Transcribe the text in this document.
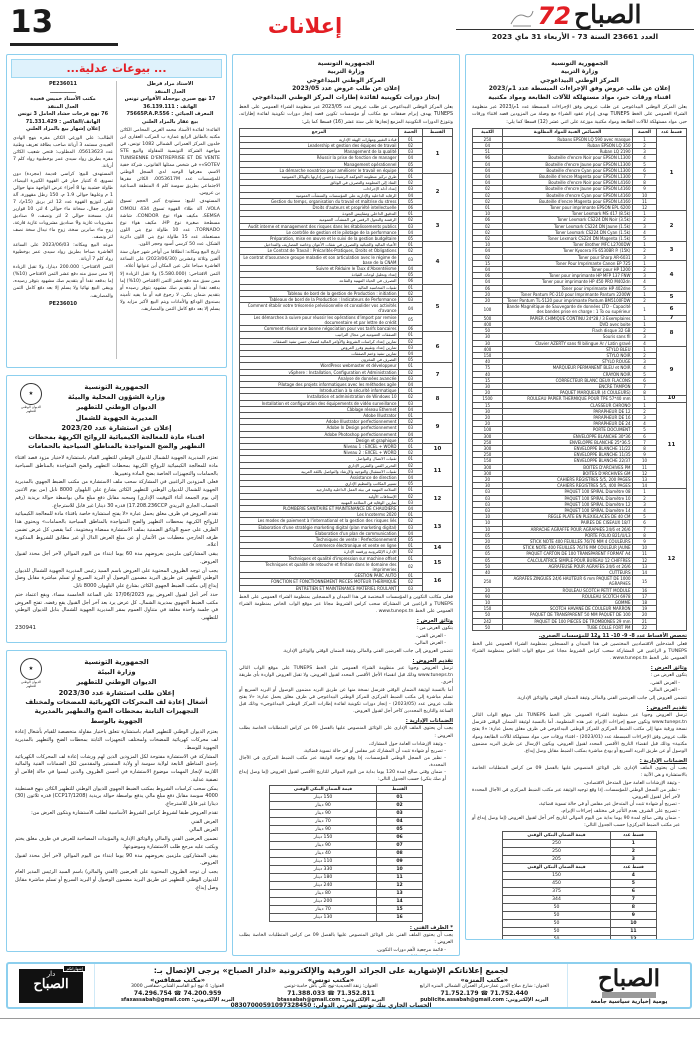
13	إعلانات	الصباح
72
العدد 23661 السنة 73 - الأربعاء 31 ماي 2023
... بيوعات عدلية...
الأستاذ مراد قرطل
العدل المنفذ
17 نهج صبري بوحجلة الأقواس تونس
الهاتف : 36.139.111
المعرف الجبائي : 75665P.A.P.556
بيع عقار بالمزاد العلني
الفائدة: لفائدة الأستاذ محمد الغربي المحامي الكائن مكتبه بالطابق الرابع عمارة ب المركب العقاري ابن خلدون المركز العمراني الشمالي 1082 تونس، في مواجهة الشركة التونسية للمقاولة والبيع STE TUNISIENNE D'ENTREPRISE ET DE VENTE «SOTEV» في شخص ممثلها القانوني، شركة خفية الاسم، معرفها الوحيد لدى السجل الوطني للمؤسسات عدد 0053617M، الكائن مقرها الاجتماعي بطريق سوسة كلم 4 المنطقة الصناعية بن عروس.
المستهدف للبيع: مستودع كبير الحجم تسوق VOLA، آلة طلاء القهوة تسوق CIMOLI 434 SEMSA، مكيف هواء نوع CONDOR، شاشة مسطحة صغيرة نوع HP، مكيف هواء نوع TORNADO، عدد 10 طاولة نوع بني اللون مستعملة، عدد 15 طاولة نوع بني اللون دائرية الشكل، عدد 50 كرسي أسود وحجر اللون.
تاريخ البيع ومكانه: انطلاقا من أواخر شهر جوان سنة ألفين وثلاثة وعشرين (2023/06/30) على الساعة العاشرة صباحا على عين المكان أين عنوانها أعلاه.
الثمن الافتتاحي: (5.580.000) ولا تقبل الزيادة إلا ممن سبق منه دفع عشر الثمن الافتتاحي (10%) إما بدفعه نقدا أو بتقديم صك مشهود بتوفر رصيده أو بتقديم ضمان بنكي، لا رجوع فيه أو ما يفيد تأمينه بصندوق الودائع والأمانات ويتم البيع لأكبر مزايد ولا يسلم إلا بعد دفع كامل الثمن والمصاريف.
PE236011
ـــــــــــــــ
مكتب الأستاذ خميس قعيدة
العدل المنفذ
76 نهج فرحات حشاد الحامل 3 تونس
الهاتف/الفاكس : 71.331.429
إعلان إشهار بيع بالمزاد العلني
الطالب: علي الورغي الكائن مقره بنهج الهادي العبيدي مستمد 3 أريانة صاحب بطاقة تعريف وطنية عدد 05613623. المطلوب: فتحي شعيب الكائن مقره بطريق رواد سيدي عمر بوخطيوة رواد كلم 7 أريانة.
المستهدف للبيع: كراسي قديمة (مجردة) دون تسويغ، 4 كنتيار حبار في القهوة الكبيرة البيضاء، طاولة خشبية بها 8 أجزاء عرض الواجهة منها حوالي 1 م وعلوها حوالي 1.9 م، 150 رطل مقهورة، آلة تلفي لتوزيع القهوة عدد 12 لتر بريق (15م)، 7 قوارير جفال، سخانة ماء حوالي 4 لتر، 10 قوارير غاز، مسخنة حوالي 2 لتر ونصف، 9 صناديق مشروبات غازية و9 صناديق مشروبات غازية فارغة، زوج ماء صابرين سخة، زوج ماء نيدال سخة نصف لتر ونصف.
موعد البيع ومكانه: 2023/06/03 على الساعة العاشرة صباحا بطريق رواد سيدي عمر بوخطيوة رواد كلم 7 أريانة.
الثمن الافتتاحي: 200.000 دينارا، ولا تقبل الزيادة إلا ممن سبق منه دفع عشر الثمن الافتتاحي (10%) إما بدفعه نقدا أو بتقديم صك مشهود بتوفر رصيده، ويبقى البيع نهائيا ولا يسلم إلا بعد دفع كامل الثمن والمصاريف.
PE236010
٭
الديوان الوطني للتطهير
الجمهورية التونسية
وزارة الشؤون المحلية والبيئة
الديوان الوطني للتطهير
المديرية الجهوية للشمال
إعلان عن استشارة عدد 2023/20
اقتناء مادة للمعالجة الكيميائية للروائح الكريهة بمحطات
التطهير والضخ المتواجدة بالمناطق السياحية بالحمامات
تعتزم المديرية الجهوية للشمال للديوان الوطني للتطهير القيام باستشارة لاختيار مزود قصد اقتناء مادة للمعالجة الكيميائية للروائح الكريهة بمحطات التطهير والضخ المتواجدة بالمناطق السياحية بالحمامات والتجهيزات الخاصة بضخ المادة وتغييرها.
فعلى المزودين الراغبين في المشاركة سحب ملف الاستشارة من مكتب الضبط الجهوي بالمديرية الجهوية للشمال للديوان الوطني للتطهير الكائن بشارع علي البلهوان 8000 نابل (من يوم الاثنين إلى يوم الجمعة أثناء التوقيت الإداري) وسحبه مقابل دفع مبلغ مالي بواسطة حوالة بريدية (رقم الحساب الجاري البريدي 17.208.236CCP) قدره 30 دينارا غير قابل للاسترجاع.
تقدم العروض في ظرف مغلق يحمل عبارة «لا يفتح استشارة خاصة باقتناء مادة للمعالجة الكيميائية للروائح الكريهة بمحطات التطهير والضخ المتواجدة بالمناطق السياحية بالحمامات» ويحتوي هذا الظرف على جميع الوثائق الضمنية بملف الاستشارة ممضاة ومختومة. كما يقصى كل عرض تضمن ظرفه الخارجي معطيات من الأثمان أو عن مبلغ العرض الدال أو غير مطابق للشروط المذكورة أعلاه.
يبقى المشاركون ملزمين بعروضهم مدة 60 يوما ابتداء من اليوم الموالي لآخر أجل محدد لقبول العروض.
يجب أن توجه الظروف المحتوية على العروض باسم السيد رئيس المديرية الجهوية للشمال للديوان الوطني للتطهير عن طريق البريد مضمون الوصول أو البريد السريع أو تسلم مباشرة مقابل وصل إيداع إلى مكتب الضبط الجهوي الكائن بشارع علي البلهوان 8000 نابل.
حدد آخر أجل لقبول العروض يوم 17/06/2023 على الساعة الخامسة مساء. ويقع اعتماد ختم مكتب الضبط الجهوي بمديرية الشمال. كل عرض يرد بعد آخر أجل القبول يقع رفضه. تفتح العروض في جلسة واحدة مغلقة في متناول العموم بمقر المديرية الجهوية للشمال بنابل للديوان الوطني للتطهير.
230941
٭
الديوان الوطني للتطهير
الجمهورية التونسية
وزارة البيئة
الديوان الوطني للتطهير
إعلان طلب استشارة عدد 2023/30
أشغال إعادة لف المحركات الكهربائية للمضخات ولمختلف
التجهيزات الثابتة بمحطات الضخ والتطهير بالمديرية
الجهوية بالوسط
يعتزم الديوان الوطني للتطهير القيام باستشارة تتعلق باختيار مقاولة متخصصة للقيام بأشغال إعادة لف محركات كهربائية للمضخات ولمختلف التجهيزات الثابتة بمحطات الضخ والتطهير بالمديرية الجهوية للوسط.
المشاركة في الاستشارة مفتوحة لكل المزودين الذين لهم ورشات إعادة لف المحركات الكهربائية بإحدى المناطق التابعة لولاية سوسة أو ولاية المنستير والمقدمين لكل الضمانات الفنية والمالية اللازمة لإنجاز المهمات موضوع الاستشارة في أحسن الظروف والذين ليسوا في حالة إفلاس أو تصفية عدلية.
يمكن سحب كراسات الشروط بمكتب الضبط الجهوي للديوان الوطني للتطهير الكائن بنهج قسنطينة 4000 سوسة مقابل دفع مبلغ مالي يدفع بواسطة حوالة بريدية (CCP17/1208) قدره ثلاثون (30) دينارا غير قابل للاسترجاع.
تقدم العروض طبقا لشروط كراس الشروط الأساسية لطلب الاستشارة ويتكون العرض من:
العرض الفني
العرض المالي
تضمين العرضين الفني والمالي والوثائق الإدارية والمؤيدات المصاحبة للعرض في ظرف مغلق يختم ويكتب عليه مرجع طلب الاستشارة وموضوعها.
يبقى المشاركون ملزمين بعروضهم مدة 90 يوما ابتداء من اليوم الموالي لآخر أجل محدد لقبول العروض.
يجب أن توجه الظروف المحتوية على العرضين (الفني والمالي) باسم السيد الرئيس المدير العام للديوان الوطني للتطهير عن طريق البريد مضمون الوصول أو البريد السريع أو تسلم مباشرة مقابل وصل إيداع.
الجمهورية التونسية
وزارة التربية
المركز الوطني البيداغوجي
إعلان عن طلب عروض عدد 2023/05
إنجاز دورات تكوينية لفائدة إطارات المركز الوطني البيداغوجي
يعلن المركز الوطني البيداغوجي عن طلب عروض عدد 2023/05 عبر منظومة الشراء العمومي على الخط TUNEPS يهدف إبرام صفقات مع مكاتب أو مؤسسات تكوين قصد إنجاز دورات تكوينية لفائدة إطاراته، وتتوزع الدورات التكوينية المزمع إنجازها على ستة عشر (16) قسطا كما يلي:
القسط	الحصة	المرجع
1	01	قيادة التغيير ومهارات الهيئة الإدارية
	02	Leadership et gestion des équipes de travail
	03	Management de la qualité
	04	Réussir la prise de fonction de manager
	05	Management opérationnel
	06	La démarche novatrice pour améliorer le travail en équipe
2	01	طرق تركيز منظومة الحوكمة الرشيدة وحسن إدارتها بالهياكل العمومية
	02	النفاذ إلى المعلومة والتصرف في الوثائق
	03	إعداد أدلة الإجراءات
	04	الرقابة الداخلية والإدارية على المؤسسات والمنشآت العمومية
	05	Gestion du temps, organisation du travail et maîtrise du stress
	06	Droits d'auteurs et propriété intellectuelle
3	01	التدقيق الداخلي ومقاييس الجودة
	02	الرقمنة والتحول الرقمي في المنشآت العمومية
	03	Audit interne et management des risques dans les établissements publics
	04	Le contrôle de gestion et le pilotage de la performance
	05	Préparation, mise en œuvre et le suivi de la gestion budgétaire
4	01	الأعباء المالية والجبائية والتصرف في نفقات الأعوان وخاصة المصاريف والمداخيل
	02	Le Contrat de Travail : Précarités-Pratiques, Droits et Obligations
	03	Le contrat d'assurance groupe maladie et son articulation avec le régime de base de la CNAM
	04	Suivre et Réduire le Taux d'Absentéisme
	05	إعداد وتحليل لوحات القيادة
	06	التصرف في الحياة المهنية والتقاعد
5	01	تقنيات المحاسبة المالية
	02	Tableau de bord de la gestion de Production : initiation
	03	Tableaux de bord de la Production : Indicateurs de Performance
	04	Comment établir votre trésorerie prévisionnelle et consolider vos activités d'avance
	05	Les démarches à suivre pour réussir les opérations d'import par remise documentaire et par lettre de crédit
	06	Comment réussir une bonne négociation pour vos tarifs bancaires
6	01	الصفقات العمومية في مجال التراتيب
	02	تمارين إعداد كراسات الشروط والأوامر المالية لضمان حسن تنفيذ الصفقات
	03	تمارين إعداد وتقييم وفرز العروض
	04	تمارين تنفيذ وختم الصفقات
	05	التصرف في المخزون
7	01	WordPress webmaster et développeur
	02	vSphere : Installation, Configuration et Administration
	03	Analyse de données avancée
	04	Pilotage des projets informatiques avec les méthodes agile
8	01	Introduction à la sécurité informatique
	02	Installation et administration de Windows 10
	03	Installation et configuration des équipements de vidéo surveillance
	04	Câblage réseau Ethernet
9	01	Adobe Illustrator
	02	Adobe Illustrator perfectionnement
	03	Adobe In Design perfectionnement
	04	Adobe Photoshop perfectionnement
	05	Design et graphique
10	01	Niveau 1 : EXCEL + WORD
	02	Niveau 2 : EXCEL + WORD
11	01	تقنيات الاتصال والتواصل
	02	التحرير الفني والتقرير الإداري
	03	تقنيات الاستقبال والتوجيه والإرشاد والتواصل باللغة العربية
	04	Assistance de direction
	05	تسيير المكاتب والتنظيم الإداري
12	01	السلامة المهنية في بيئة العمل الداخلية والخارجية
	02	الإسعافات الأولية
	03	تمارين الوقاية في السلامة المهنية
	04	PLOMBERIE SANITAIRE ET MAINTENANCE DE CHAUDIERE
13	01	Les Incoterms 2020
	02	Les modes de paiement à l'international et la gestion des risques liés
	03	Elaboration d'une stratégie marketing digital (plan marketing digital)
	04	Elaboration d'un plan de communication
	05	Techniques de vente : Perfectionnement
14	01	Commerce électronique et vente en ligne
	02	الإدارة الإلكترونية ورقمنة الإدارة
15	01	Techniques et qualité d'impression sur machine offset
	02	Techniques et qualité de retouche et finition dans le domaine des imprimeries
16	01	GESTION PARC AUTO
	02	FONCTION ET FONCTIONNEMENT PIECES MOTEUR THERMIQUE
	03	ENTRETIEN ET MAINTENANCE MATERIEL ROULANT
فعلى مكاتب التكوين و المؤسسات المختصة في هذا الميدان و المسجلين بمنظومة الشراء العمومي على الخط TUNEPS و الراغبين في المشاركة سحب كراس الشروط مجانا عبر موقع الواب الخاص بمنظومة الشراء العمومي على الخط www.tuneps.tn .
وثائق العرض :
يتكون العرض من :
- العرض الفني،
- العرض المالي،
تتضمن العروض إلى جانب العرضين الفني والمالي وثيقة الضمان الوقتي والوثائق الإدارية.
تقديم العروض :
ترسل العروض وجوبا عبر منظومة الشراء العمومي على الخط TUNEPS على موقع الواب التالي www.tuneps.tn وذلك قبل انقضاء الأجل الأقصى المحدد لقبول العروض، ولا تقبل العروض الواردة بأي طريقة أخرى.
أما بالنسبة لوثيقة الضمان الوقتي فترسل نسخة منها عن طريق البريد مضمون الوصول أو البريد السريع أو تسلم مباشرة إلى مكتب الضبط المركزي للمركز الوطني البيداغوجي في ظرف مغلق يحمل عبارة: «لا يفتح طلب عروض عدد (2023/05) - إنجاز دورات تكوينية لفائدة إطارات المركز الوطني البيداغوجي» وذلك قبل الساعة والتاريخ المحددين كآخر أجل لقبول العروض.
الضمانات الإدارية :
يجب أن يحتوي الملف الإداري على الوثائق المنصوص عليها بالفصل 09 من كراس المتطلبات الخاصة بطلب العروض :
- وثيقة الإرشادات العامة حول المشارك،
- تصريح أو شهادة تثبت أن المشارك غير مفلس أو في حالة تسوية قضائية،
- نظير من السجل الوطني للمؤسسات، إذا وقع توجيه الوثيقة عبر مكتب الضبط المركزي في الآجال المحددة،
- ضمان وقتي صالح لمدة 120 يوما بداية من اليوم الموالي للتاريخ الأقصى لقبول العروض (إما وصل إيداع أو صك بنكي) حسب الجدول التالي:
القسط	قيمة الضمان البنكي الوقتي
01	150 دينار
02	90 دينار
03	90 دينار
04	70 دينار
05	90 دينار
06	150 دينار
07	90 دينار
08	40 دينار
09	110 دينار
10	330 دينار
11	180 دينار
12	240 دينار
13	80 دينار
14	200 دينار
15	70 دينار
16	130 دينار
* الظرف الفني :
يجب أن يحتوي الملف الفني على الوثائق المنصوص عليها بالفصل 09 من كراس المتطلبات الخاصة بطلب العروض :
- قائمة مرجعية لأهم دورات التكوين،
الجمهورية التونسية
وزارة التربية
المركز الوطني البيداغوجي
إعلان عن طلب عروض وفق الإجراءات المبسطة عدد 1م/2023
اقتناء ورقات حبر، مواد مستهلكة للآلات الطابعة ومواد مكتبية
يعلن المركز الوطني البيداغوجي عن طلب عروض وفق الإجراءات المبسطة عدد 1م/2023 عبر منظومة الشراء العمومي على الخط TUNEPS بهدف إبرام عقود الشراء مع وصلة من المزودين قصد اقتناء ورقات حبر، مواد مستهلكة للآلات الطابعة ومواد مكتبية موزعة على اثني عشر (12) قسطا كما يلي:
قسط عدد	الحصة	الخصائص الفنية للمواد المطلوبة	الكمية
1	1	Rubans EPSON LQ 590 avec masque	250
	2	Ruban EPSON LQ 350	04
	3	Ruban LQ 2190	51
	4	Bouteille d'encre Noir pour EPSON L1300	96
	5	Bouteille d'encre Jaune pour EPSON L1300	04
	6	Bouteille d'encre Cyan pour EPSON L1300	04
	7	Bouteille d'encre Magenta pour EPSON L1300	04
	8	Bouteille d'encre Noir pour EPSON L4160	04
	9	Bouteille d'encre Jaune pour EPSON L4160	02
	10	Bouteille d'encre Cyan pour EPSON L4160	02
	11	Bouteille d'encre Magenta pour EPSON L4160	02
	12	Toner pour imprimante EPSON EPL 6200	01
2	1	Toner Lexmark MS 417 (8.5k)	10
	2	Toner Lexmark CS224 DN Noir (3.5k)	06
	3	Toner Lexmark CS224 DN Jaune (1.5k)	02
	4	Toner Lexmark CS224 DN Cyan (1.5k)	02
	5	Toner Lexmark CS224 DN Magenta (1.5k)	02
3	1	Toner Brother MFC L2700DW	10
	2	Toner Kyocera FS 6530BR P. (15K)	04
	3	Toner pour Sharp AR-6031	02
4	1	Toner Pour Imprimante Canon EP 725	15
	2	Toner pour HP 1200	04
	3	Toner pour imprimante HP MFP 137 FNW	06
	4	Toner pour imprimante HP 450 PRO M402dn	04
	5	Toner pour imprimante HP 402dne	06
5	1	Toner Pantum PC-210 pour Imprimante Pantum 2200W	20
	2	Toner Pantum TL-5120 pour imprimante Pantum BM5100FDW	20
6	1	Bande Magnétique de Sauvegarde de données LTO - Capacité des bandes prise en charge : 1 To ou supérieur	100
7	1	PAPIER CHIMIQUE CONTINU 24*28 / 3 Exemplaires	500
8	1	DVD avec boite	400
	2	Flash disque 32 GB	50
	3	Souris sans fil	30
	4	Clavier AZERTY sans fil bilingue Ar / Latin gravé	30
9	1	STYLO BLEU	400
	2	STYLO NOIR	150
	3	STYLO ROUGE	40
	4	MARQUEUR PERMANENT BLEU et NOIR	75
	5	CRAYON NOIR	40
	6	CORRECTEUR BLANC DEUX FLACONS	15
	7	ENCRE TAMPON	30
	8	PAQUET MARQUEUR (4 COULEURS)	20
10	1	ROULEAU PAPIER THERMIQUE POUR TPE 57*40 mm	1500
11	1	CLASSEUR CHRONO	15
	2	PARAPHEUR DE 12	30
	3	PARAPHEUR DE 16	20
	4	PARAPHEUR DE 24	20
	5	PORTE DOCUMENT	100
	6	ENVELOPPE BLANCHE 30*36	300
	7	ENVELOPPE BLANCHE 25*36.5	250
	8	ENVELOPPE BLANCHE 11/22	300
	9	ENVELOPPE BLANCHE 11/35	250
	10	ENVELOPPE BLANCHE 22/37	150
	11	BOITES D'ARCHIVES PM	300
	12	BOITES D'ARCHIVES GM	300
	13	CAHIERS REGISTRES 5/5, 200 PAGES	20
	14	CAHIERS REGISTRES 5/5, 400 PAGES	30
12	1	PAQUET 100 SPIRAL Diamètre 08	03
	2	PAQUET 100 SPIRAL Diamètre 10	03
	3	PAQUET 100 SPIRAL Diamètre 12	03
	4	PAQUET 100 SPIRAL Diamètre 14	03
	5	REGLE PLATE EN PLEXIGLACES DE 40 CM	10
	6	PAIRES DE CISEAUX 18/7	10
	7	ARRACHE AGRAFFE POUR AGRAPHES 24/6 et 26/6	10
	8	PORTE FOLIO B21/U/L3	05
	9	STICK NOTE 400 FEUILLES 76/76 MM 4 COULEURS	20
	10	STICK NOTE 400 FEUILLES 76/76 MM COULEUR JAUNE	05
	11	PAQUET CARTON DE 100 TRANSPARENT FORMAT A4	05
	12	CALCULATRICE SIMPLE POUR BUREAU 12 CHIFFRES	05
	13	AGRAFEUSE POUR AGRAFES 24/6 et 26/6	50
	14	CUTTEURS	40
	15	AGRAFES ZINGUES 24/6 HAUTEUR 6 mm PAQUET DE 1000 AGRAPHES	250
	16	ROULEAU SCOTCH PETIT MODULE	20
	17	ROULEAU SCOTCH 6978	90
	18	GOMME	10
	19	SCOTCH HAVANE DE COULEUR MARRON	150
	20	PAQUET DE TRANSPARENT 50 MM PAQUET DE 100	50
	21	PAQUET DE 100 PIECES DE TROMBONES 29 mm	242
	22	TUBE COLLE FORT PM	50
تخصص الأقساط عدد 8- 9- 10- 11 و12 للمؤسسات الصغرى.
فعلى المتدخلين الاقتصاديين المختصين في هذا الميدان و المسجلين بمنظومة الشراء العمومي على الخط TUNEPS و الراغبين في المشاركة سحب كراس الشروط مجانا عبر موقع الواب الخاص بمنظومة الشراء العمومي على الخط www.tuneps.tn .
وثائق العرض :
يتكون العرض من :
- العرض الفني،
- العرض المالي،
تتضمن العروض إلى جانب العرضين الفني والمالي وثيقة الضمان الوقتي والوثائق الإدارية.
تقديم العروض :
ترسل العروض وجوبا عبر منظومة الشراء العمومي على الخط TUNEPS على موقع الواب التالي www.tuneps.tn وتكون جميع إجراءات الإبرام عبر هذه المنظومة. أما بالنسبة لوثيقة الضمان الوقتي فترسل نسخة ورقية منها إلى مكتب الضبط المركزي للمركز الوطني البيداغوجي في ظرف مغلق يحمل عبارة: «لا يفتح طلب عروض وفق الإجراءات المبسطة عدد (2023/01) - اقتناء ورقات حبر، مواد مستهلكة للآلات الطابعة ومواد مكتبية» وذلك قبل انقضاء التاريخ الأقصى المحدد لقبول العروض، ويكون الإرسال عن طريق البريد مضمون الوصول أو عن طريق البريد السريع أو يودع مباشرة بمكتب الضبط مقابل وصل إيداع.
الضمانات الإدارية :
يجب أن يحتوي الملف الإداري على الوثائق المنصوص عليها بالفصل 09 من كراس المتطلبات الخاصة بالاستشارة و هي الآتية :
- وثيقة الإرشادات العامة حول المتدخل الاقتصادي،
- نظير من السجل الوطني للمؤسسات، إذا وقع توجيه الوثيقة عبر مكتب الضبط المركزي في الآجال المحددة لآخر أجل لقبول العروض،
- تصريح أو شهادة تثبت أن المتدخل غير مفلس أو في حالة تسوية قضائية،
- تصريح على الشرف بعدم التأثير في مختلف إجراءات الإبرام،
- ضمان وقتي صالح لمدة 90 يوما بداية من اليوم الموالي لتاريخ آخر أجل لقبول العروض (إما وصل إيداع أو عبر مكتب الضبط المركزي) حسب الجدول التالي:
قسط عدد	قيمة الضمان البنكي الوقتي
1	250
2	250
3	205
قسط عدد	قيمة الضمان البنكي الوقتي
4	150
5	450
6	375
7	344
8	50
9	50
10	50
11	50
12	50
إشهاراتكم
دار
الصباح
لجميع إعلاناتكم الإشهارية على الجرائد الورقية والإلكترونية «لدار الصباح» يرجى الإتصال بـ:
«مكتب المنزه»
العنوان: شارع صلاح الدين عمار-مركز العمران الشمالي المنزه الرابع
71.752.179 ☎ 71.752.440
البريد الإلكتروني: publicite.assabah@gmail.com
«مكتب تونس»
العنوان: زنقة الحديدية-نهج علي باش حامبة-تونس
71.388.033 ☎ 71.352.811
البريد الإلكتروني: btassabah@gmail.com
«مكتب صفاقس»
العنوان: 4 نهج ابو القاسم الشابي-صفاقس 3000
74.296.754 ☎ 74.200.959
البريد الإلكتروني: sfaxassabah@gmail.com
الحساب الجاري بنك تونس العربي الدولي: 08307000591097328450
الصباح
يومية إخبارية سياسية جامعة
